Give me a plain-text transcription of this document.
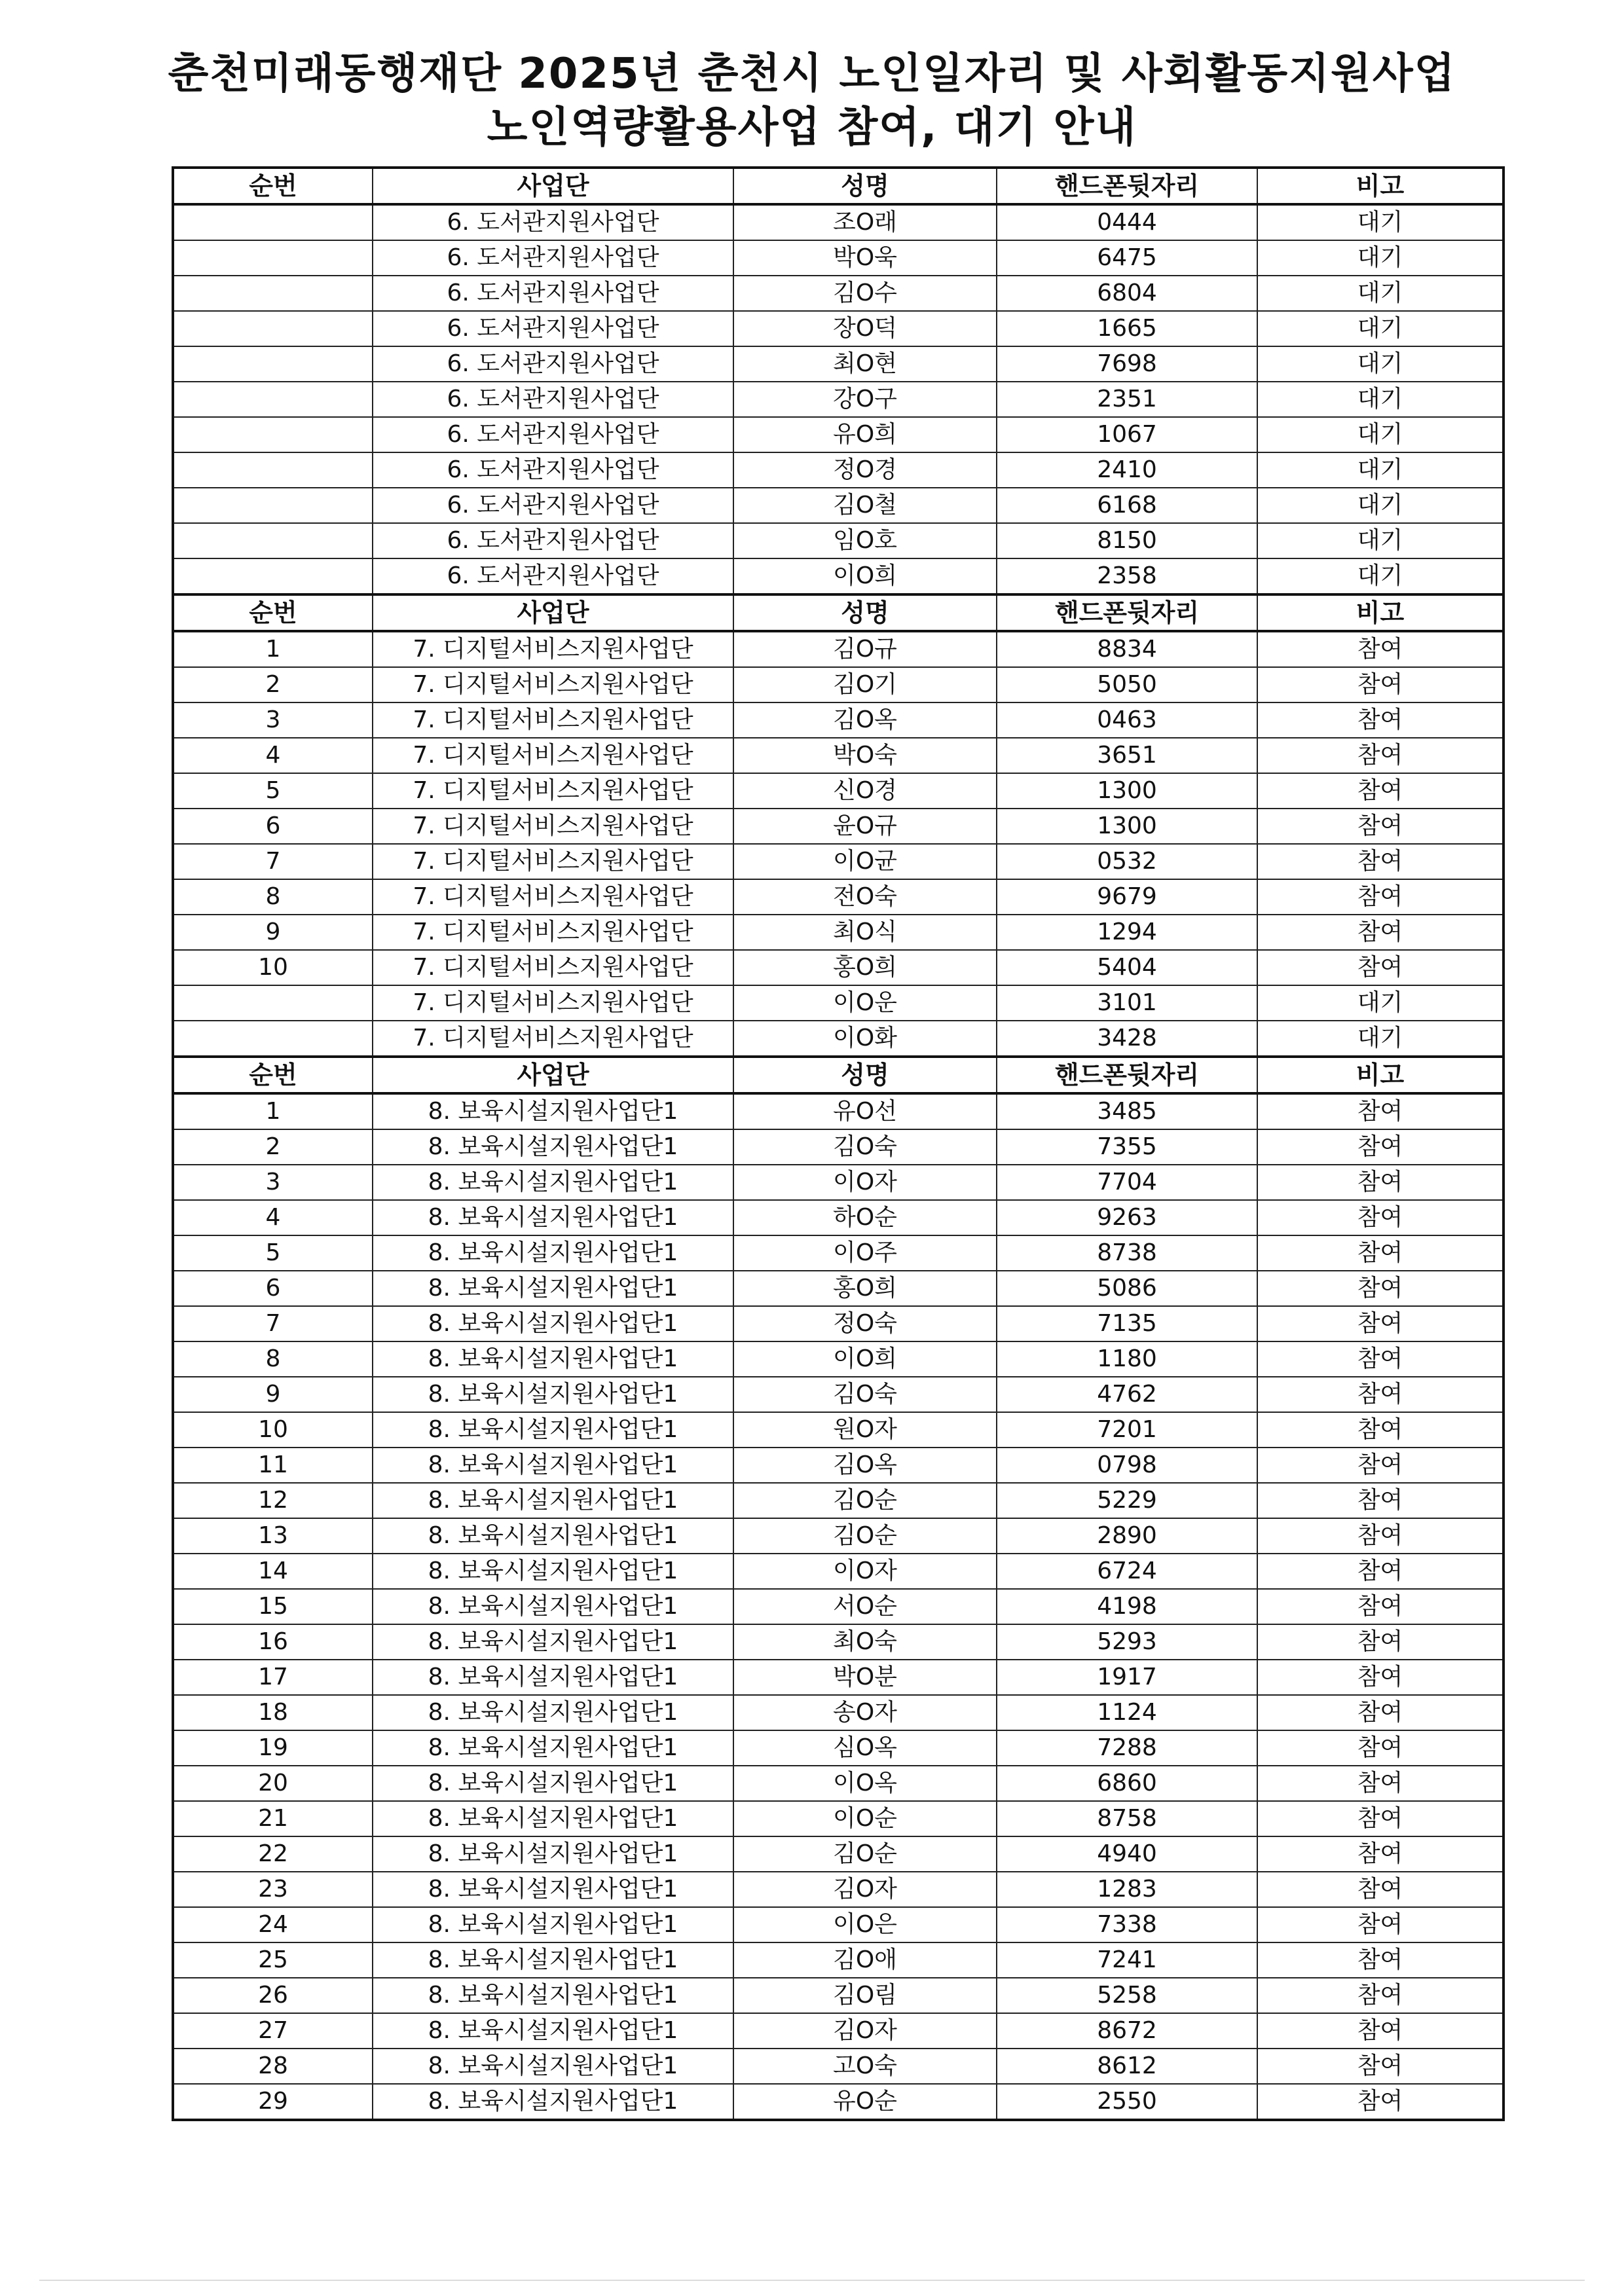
춘천미래동행재단 2025년 춘천시 노인일자리 및 사회활동지원사업
노인역량활용사업 참여, 대기 안내
순번	사업단	성명	핸드폰뒷자리	비고
	6. 도서관지원사업단	조O래	0444	대기
	6. 도서관지원사업단	박O욱	6475	대기
	6. 도서관지원사업단	김O수	6804	대기
	6. 도서관지원사업단	장O덕	1665	대기
	6. 도서관지원사업단	최O현	7698	대기
	6. 도서관지원사업단	강O구	2351	대기
	6. 도서관지원사업단	유O희	1067	대기
	6. 도서관지원사업단	정O경	2410	대기
	6. 도서관지원사업단	김O철	6168	대기
	6. 도서관지원사업단	임O호	8150	대기
	6. 도서관지원사업단	이O희	2358	대기
순번	사업단	성명	핸드폰뒷자리	비고
1	7. 디지털서비스지원사업단	김O규	8834	참여
2	7. 디지털서비스지원사업단	김O기	5050	참여
3	7. 디지털서비스지원사업단	김O옥	0463	참여
4	7. 디지털서비스지원사업단	박O숙	3651	참여
5	7. 디지털서비스지원사업단	신O경	1300	참여
6	7. 디지털서비스지원사업단	윤O규	1300	참여
7	7. 디지털서비스지원사업단	이O균	0532	참여
8	7. 디지털서비스지원사업단	전O숙	9679	참여
9	7. 디지털서비스지원사업단	최O식	1294	참여
10	7. 디지털서비스지원사업단	홍O희	5404	참여
	7. 디지털서비스지원사업단	이O운	3101	대기
	7. 디지털서비스지원사업단	이O화	3428	대기
순번	사업단	성명	핸드폰뒷자리	비고
1	8. 보육시설지원사업단1	유O선	3485	참여
2	8. 보육시설지원사업단1	김O숙	7355	참여
3	8. 보육시설지원사업단1	이O자	7704	참여
4	8. 보육시설지원사업단1	하O순	9263	참여
5	8. 보육시설지원사업단1	이O주	8738	참여
6	8. 보육시설지원사업단1	홍O희	5086	참여
7	8. 보육시설지원사업단1	정O숙	7135	참여
8	8. 보육시설지원사업단1	이O희	1180	참여
9	8. 보육시설지원사업단1	김O숙	4762	참여
10	8. 보육시설지원사업단1	원O자	7201	참여
11	8. 보육시설지원사업단1	김O옥	0798	참여
12	8. 보육시설지원사업단1	김O순	5229	참여
13	8. 보육시설지원사업단1	김O순	2890	참여
14	8. 보육시설지원사업단1	이O자	6724	참여
15	8. 보육시설지원사업단1	서O순	4198	참여
16	8. 보육시설지원사업단1	최O숙	5293	참여
17	8. 보육시설지원사업단1	박O분	1917	참여
18	8. 보육시설지원사업단1	송O자	1124	참여
19	8. 보육시설지원사업단1	심O옥	7288	참여
20	8. 보육시설지원사업단1	이O옥	6860	참여
21	8. 보육시설지원사업단1	이O순	8758	참여
22	8. 보육시설지원사업단1	김O순	4940	참여
23	8. 보육시설지원사업단1	김O자	1283	참여
24	8. 보육시설지원사업단1	이O은	7338	참여
25	8. 보육시설지원사업단1	김O애	7241	참여
26	8. 보육시설지원사업단1	김O림	5258	참여
27	8. 보육시설지원사업단1	김O자	8672	참여
28	8. 보육시설지원사업단1	고O숙	8612	참여
29	8. 보육시설지원사업단1	유O순	2550	참여
